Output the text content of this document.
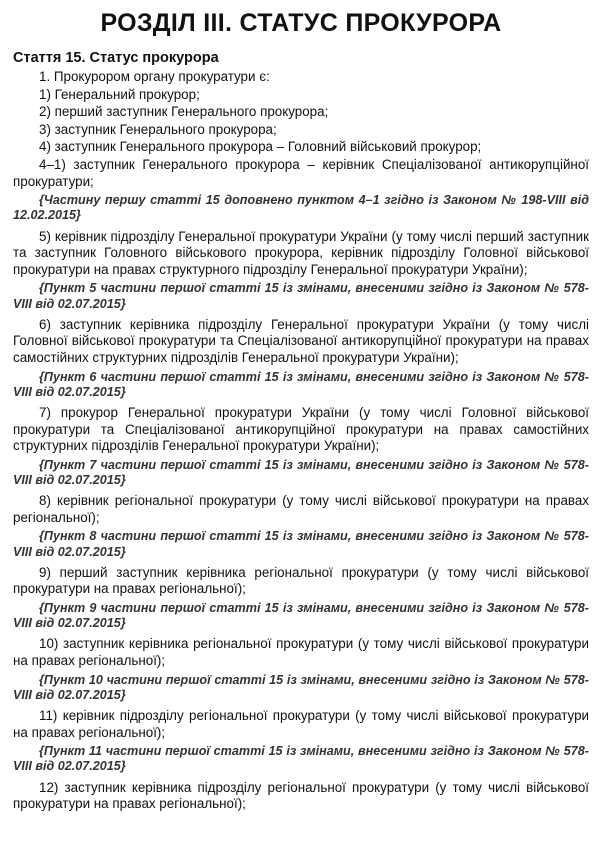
РОЗДІЛ ІІІ. СТАТУС ПРОКУРОРА
Стаття 15. Статус прокурора

1. Прокурором органу прокуратури є:

1) Генеральний прокурор;

2) перший заступник Генерального прокурора;

3) заступник Генерального прокурора;

4) заступник Генерального прокурора – Головний військовий прокурор;

4–1) заступник Генерального прокурора – керівник Спеціалізованої антикорупційної прокуратури;

{Частину першу статті 15 доповнено пунктом 4–1 згідно із Законом № 198-VIII від 12.02.2015}

5) керівник підрозділу Генеральної прокуратури України (у тому числі перший заступник та заступник Головного військового прокурора, керівник підрозділу Головної військової прокуратури на правах структурного підрозділу Генеральної прокуратури України);

{Пункт 5 частини першої статті 15 із змінами, внесеними згідно із Законом № 578-VIII від 02.07.2015}

6) заступник керівника підрозділу Генеральної прокуратури України (у тому числі Головної військової прокуратури та Спеціалізованої антикорупційної прокуратури на правах самостійних структурних підрозділів Генеральної прокуратури України);

{Пункт 6 частини першої статті 15 із змінами, внесеними згідно із Законом № 578-VIII від 02.07.2015}

7) прокурор Генеральної прокуратури України (у тому числі Головної військової прокуратури та Спеціалізованої антикорупційної прокуратури на правах самостійних структурних підрозділів Генеральної прокуратури України);

{Пункт 7 частини першої статті 15 із змінами, внесеними згідно із Законом № 578-VIII від 02.07.2015}

8) керівник регіональної прокуратури (у тому числі військової прокуратури на правах регіональної);

{Пункт 8 частини першої статті 15 із змінами, внесеними згідно із Законом № 578-VIII від 02.07.2015}

9) перший заступник керівника регіональної прокуратури (у тому числі військової прокуратури на правах регіональної);

{Пункт 9 частини першої статті 15 із змінами, внесеними згідно із Законом № 578-VIII від 02.07.2015}

10) заступник керівника регіональної прокуратури (у тому числі військової прокуратури на правах регіональної);

{Пункт 10 частини першої статті 15 із змінами, внесеними згідно із Законом № 578-VIII від 02.07.2015}

11) керівник підрозділу регіональної прокуратури (у тому числі військової прокуратури на правах регіональної);

{Пункт 11 частини першої статті 15 із змінами, внесеними згідно із Законом № 578-VIII від 02.07.2015}

12) заступник керівника підрозділу регіональної прокуратури (у тому числі військової прокуратури на правах регіональної);
